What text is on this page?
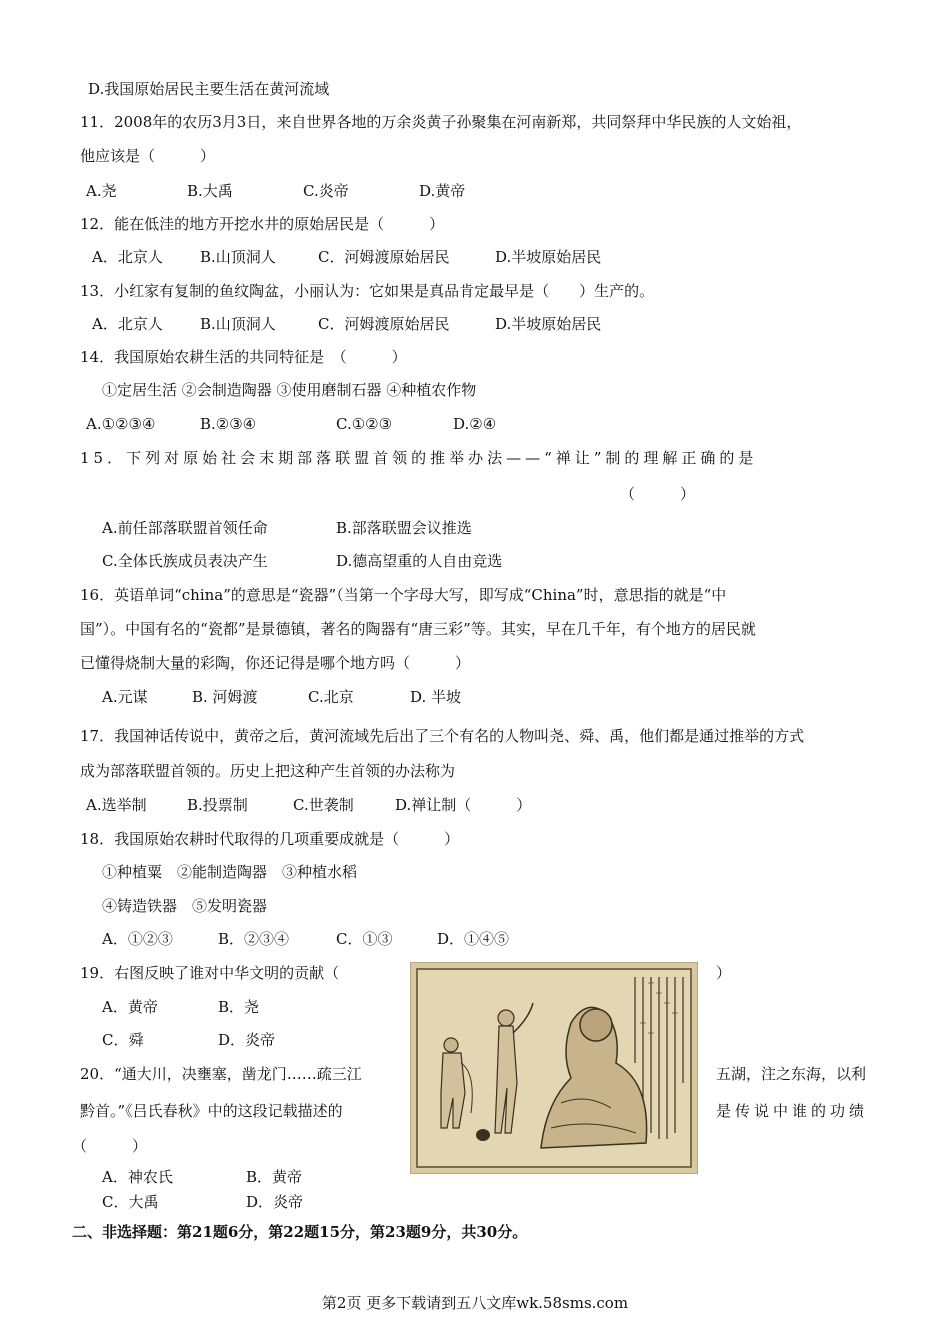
D.我国原始居民主要生活在黄河流域
11．2008年的农历3月3日，来自世界各地的万余炎黄子孙聚集在河南新郑，共同祭拜中华民族的人文始祖，
他应该是（　　　）
A.尧	B.大禹	C.炎帝	D.黄帝
12．能在低洼的地方开挖水井的原始居民是（　　　）
A．北京人 B.山顶洞人	C．河姆渡原始居民	D.半坡原始居民
13．小红家有复制的鱼纹陶盆，小丽认为：它如果是真品肯定最早是（　　）生产的。
A．北京人 B.山顶洞人	C．河姆渡原始居民	D.半坡原始居民
14．我国原始农耕生活的共同特征是　（　　　）
①定居生活 ②会制造陶器 ③使用磨制石器 ④种植农作物
A.①②③④	B.②③④	C.①②③	D.②④
15．下列对原始社会末期部落联盟首领的推举办法——“禅让”制的理解正确的是
（　　　）
A.前任部落联盟首领任命	B.部落联盟会议推选
C.全体氏族成员表决产生	D.德高望重的人自由竞选
16．英语单词“china”的意思是“瓷器”（当第一个字母大写，即写成“China”时，意思指的就是“中
国”）。中国有名的“瓷都”是景德镇，著名的陶器有“唐三彩”等。其实，早在几千年，有个地方的居民就
已懂得烧制大量的彩陶，你还记得是哪个地方吗（　　　）
A.元谋	B. 河姆渡	C.北京	D. 半坡
17．我国神话传说中，黄帝之后，黄河流域先后出了三个有名的人物叫尧、舜、禹，他们都是通过推举的方式
成为部落联盟首领的。历史上把这种产生首领的办法称为
A.选举制	B.投票制	C.世袭制	D.禅让制（　　　）
18．我国原始农耕时代取得的几项重要成就是（　　　）
①种植粟　②能制造陶器　③种植水稻
④铸造铁器　⑤发明瓷器
A．①②③	B．②③④	C．①③	D．①④⑤
19．右图反映了谁对中华文明的贡献（	）
A．黄帝	B．尧
C．舜	D．炎帝
20．“通大川，决壅塞，凿龙门……疏三江	五湖，注之东海，以利
黔首。”《吕氏春秋》中的这段记载描述的	是传说中谁的功绩
（　　　）
A．神农氏	B．黄帝
C．大禹	D．炎帝
二、非选择题：第21题6分，第22题15分，第23题9分，共30分。
第2页 更多下载请到五八文库wk.58sms.com
